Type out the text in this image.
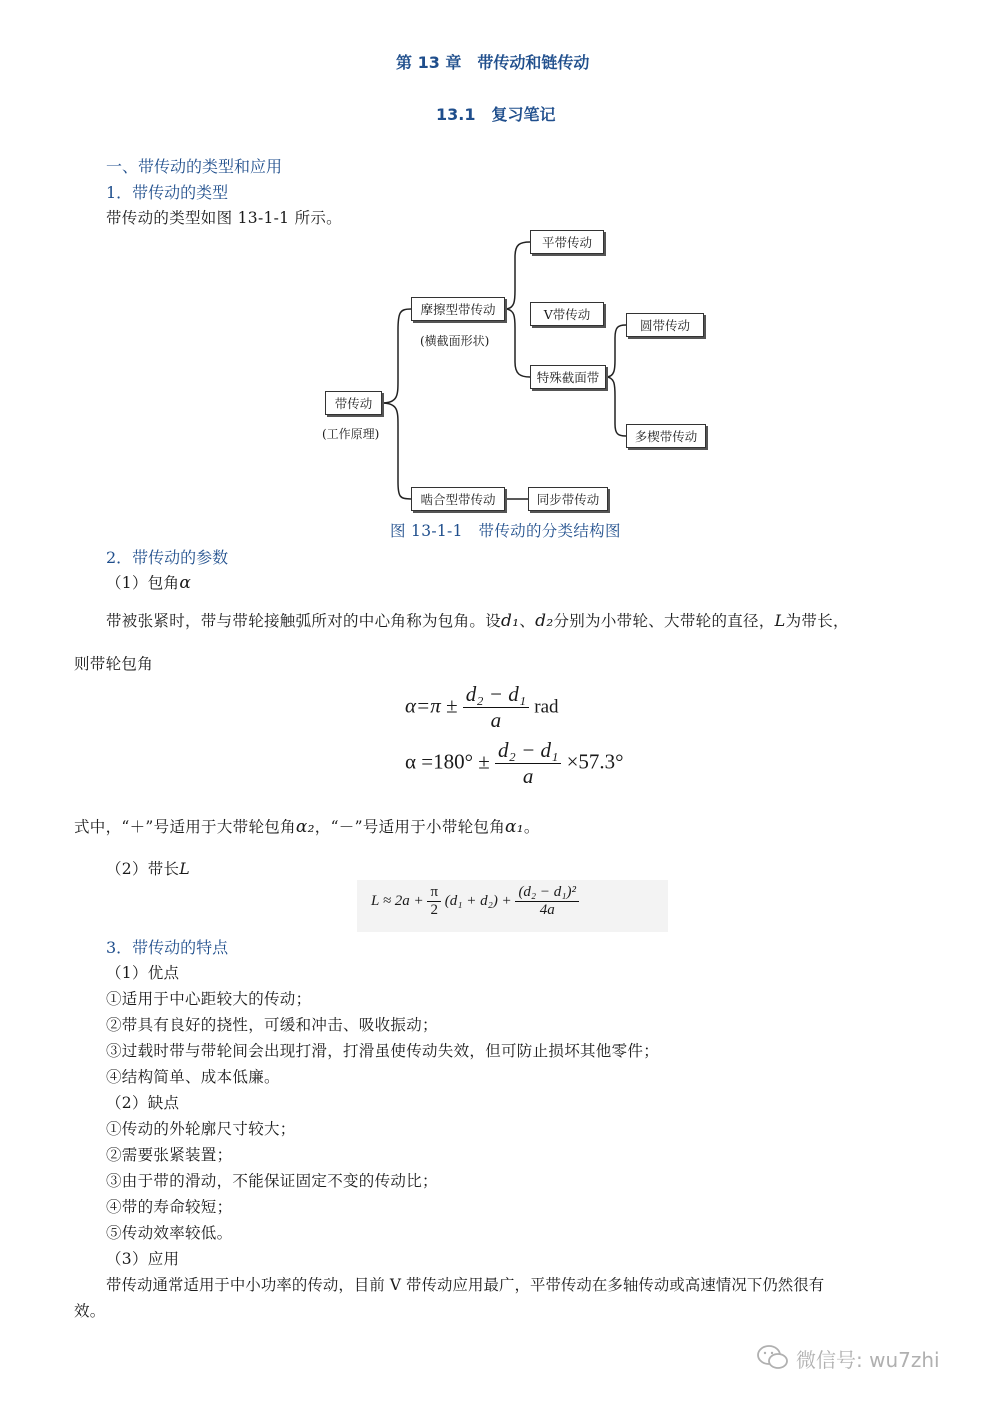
第 13 章　带传动和链传动
13.1　复习笔记
一、带传动的类型和应用
1．带传动的类型
带传动的类型如图 13-1-1 所示。
带传动
(工作原理)
摩擦型带传动
(横截面形状)
平带传动
V带传动
特殊截面带
圆带传动
多楔带传动
啮合型带传动	同步带传动
图 13-1-1　带传动的分类结构图
2．带传动的参数
（1）包角α
带被张紧时，带与带轮接触弧所对的中心角称为包角。设d₁、d₂分别为小带轮、大带轮的直径，L为带长，
则带轮包角
$\alpha=\pi \pm \frac{\text{d₂ − d₁}}{a}$ rad
$\alpha =180^\circ \pm \frac{\text{d₂ − d₁}}{a} \times 57.3^\circ$
式中，“＋”号适用于大带轮包角α₂，“－”号适用于小带轮包角α₁。
（2）带长L
$L \approx 2a + \frac{\pi}{2} (d_1 + d_2) + \frac{\text{(d₂ − d₁)²}}{4a}$
3．带传动的特点
（1）优点
①适用于中心距较大的传动；
②带具有良好的挠性，可缓和冲击、吸收振动；
③过载时带与带轮间会出现打滑，打滑虽使传动失效，但可防止损坏其他零件；
④结构简单、成本低廉。
（2）缺点
①传动的外轮廓尺寸较大；
②需要张紧装置；
③由于带的滑动，不能保证固定不变的传动比；
④带的寿命较短；
⑤传动效率较低。
（3）应用
带传动通常适用于中小功率的传动，目前 V 带传动应用最广，平带传动在多轴传动或高速情况下仍然很有
效。
微信号: wu7zhi
